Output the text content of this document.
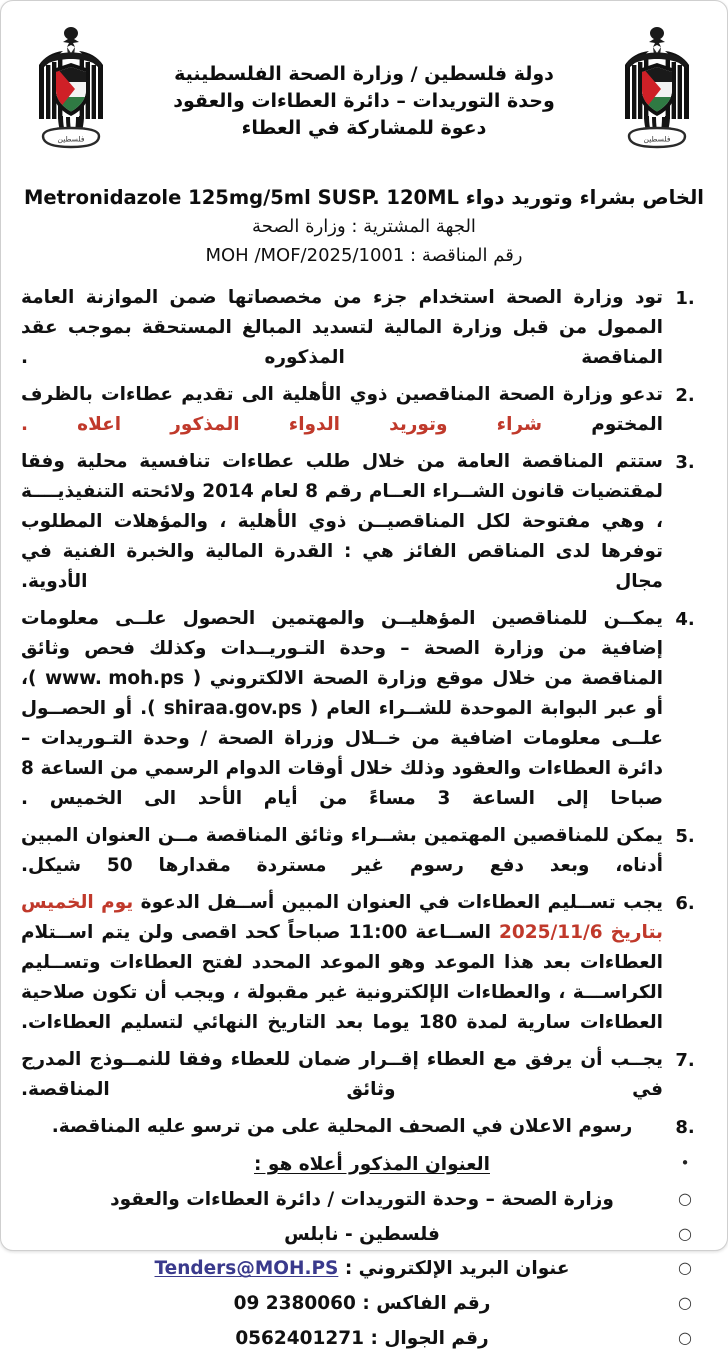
فلسطين
فلسطين
دولة فلسطين / وزارة الصحة الفلسطينية
وحدة التوريدات – دائرة العطاءات والعقود
دعوة للمشاركة في العطاء
الخاص بشراء وتوريد دواء Metronidazole 125mg/5ml SUSP. 120ML
الجهة المشترية : وزارة الصحة
رقم المناقصة : MOH /MOF/2025/1001
1.
تود وزارة الصحة استخدام جزء من مخصصاتها ضمن الموازنة العامة الممول من قبل وزارة المالية لتسديد المبالغ المستحقة بموجب عقد المناقصة المذكوره .
2.
تدعو وزارة الصحة المناقصين ذوي الأهلية الى تقديم عطاءات بالظرف المختوم شراء وتوريد الدواء المذكور اعلاه .
3.
ستتم المناقصة العامة من خلال طلب عطاءات تنافسية محلية وفقا لمقتضيات قانون الشــراء العــام رقم 8 لعام 2014 ولائحته التنفيذيــــة ، وهي مفتوحة لكل المناقصيــن ذوي الأهلية ، والمؤهلات المطلوب توفرها لدى المناقص الفائز هي : القدرة المالية والخبرة الفنية في مجال الأدوية.
4.
يمكــن للمناقصين المؤهليــن والمهتمين الحصول علــى معلومات إضافية من وزارة الصحة – وحدة التـوريــدات وكذلك فحص وثائق المناقصة من خلال موقع وزارة الصحة الالكتروني ( www. moh.ps )، أو عبر البوابة الموحدة للشــراء العام ( shiraa.gov.ps ). أو الحصــول علــى معلومات اضافية من خــلال وزراة الصحة / وحدة التـوريدات – دائرة العطاءات والعقود وذلك خلال أوقات الدوام الرسمي من الساعة 8 صباحا إلى الساعة 3 مساءً من أيام الأحد الى الخميس .
5.
يمكن للمناقصين المهتمين بشــراء وثائق المناقصة مــن العنوان المبين أدناه، وبعد دفع رسوم غير مستردة مقدارها 50 شيكل.
6.
يجب تســليم العطاءات في العنوان المبين أســفل الدعوة يوم الخميس بتاريخ 2025/11/6 الســاعة 11:00 صباحاً كحد اقصى ولن يتم اســتلام العطاءات بعد هذا الموعد وهو الموعد المحدد لفتح العطاءات وتســليم الكراســـة ، والعطاءات الإلكترونية غير مقبولة ، ويجب أن تكون صلاحية العطاءات سارية لمدة 180 يوما بعد التاريخ النهائي لتسليم العطاءات.
7.
يجــب أن يرفق مع العطاء إقــرار ضمان للعطاء وفقا للنمــوذج المدرج في وثائق المناقصة.
8.
رسوم الاعلان في الصحف المحلية على من ترسو عليه المناقصة.
•
العنوان المذكور أعلاه هو :
○
وزارة الصحة – وحدة التوريدات / دائرة العطاءات والعقود
○
فلسطين - نابلس
○
عنوان البريد الإلكتروني : Tenders@MOH.PS
○
رقم الفاكس : 09 2380060
○
رقم الجوال : 0562401271
